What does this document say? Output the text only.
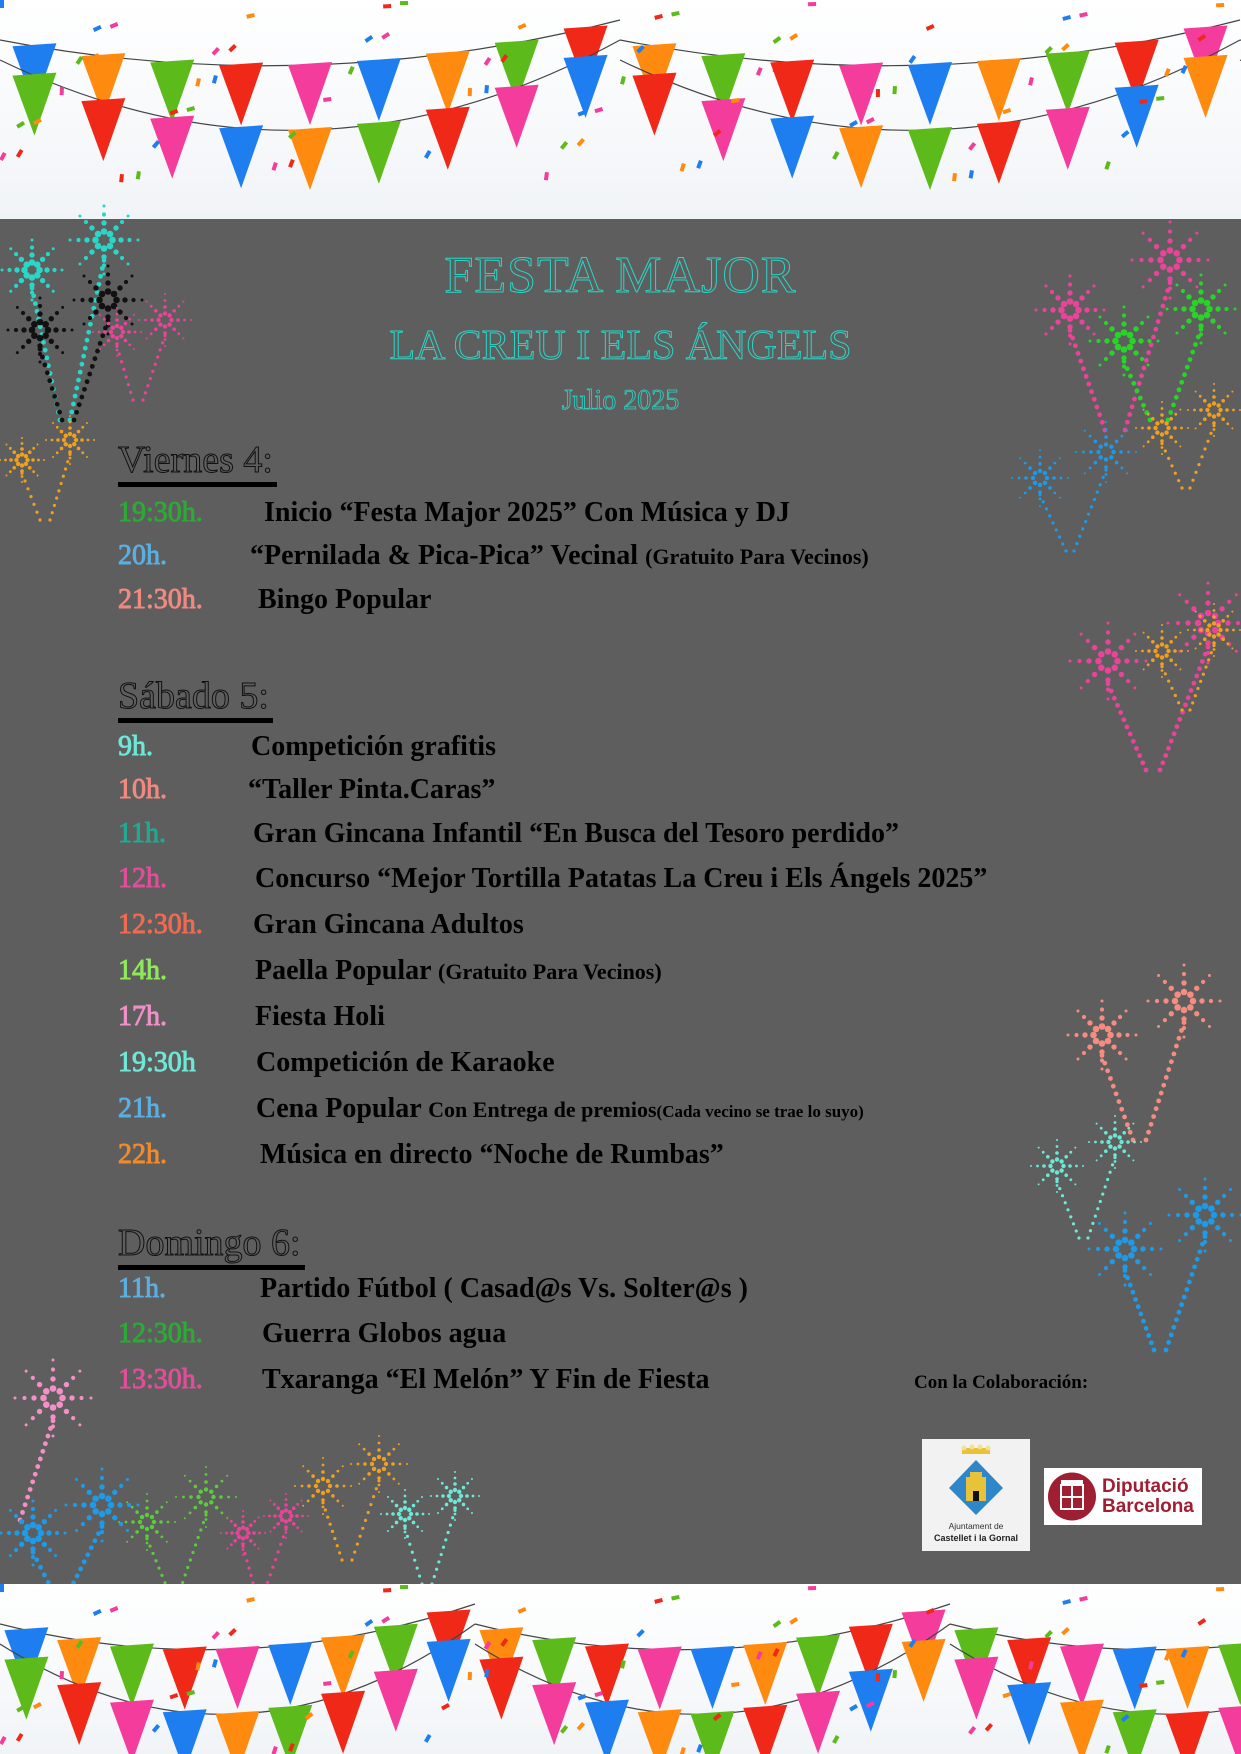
FESTA MAJOR
LA CREU I ELS ÁNGELS
Julio 2025
Viernes 4:
19:30h. Inicio “Festa Major 2025” Con Música y DJ
20h.	“Pernilada & Pica-Pica” Vecinal (Gratuito Para Vecinos)
21:30h. Bingo Popular
Sábado 5:
9h.	Competición grafitis
10h.	“Taller Pinta.Caras”
11h.	Gran Gincana Infantil “En Busca del Tesoro perdido”
12h.	Concurso “Mejor Tortilla Patatas La Creu i Els Ángels 2025”
12:30h. Gran Gincana Adultos
14h.	Paella Popular (Gratuito Para Vecinos)
17h.	Fiesta Holi
19:30h Competición de Karaoke
21h.	Cena Popular Con Entrega de premios(Cada vecino se trae lo suyo)
22h.	Música en directo “Noche de Rumbas”
Domingo 6:
11h.	Partido Fútbol ( Casad@s Vs. Solter@s )
12:30h. Guerra Globos agua
13:30h. Txaranga “El Melón” Y Fin de Fiesta	Con la Colaboración:
Ajuntament de
Castellet i la Gornal
Diputació
Barcelona
